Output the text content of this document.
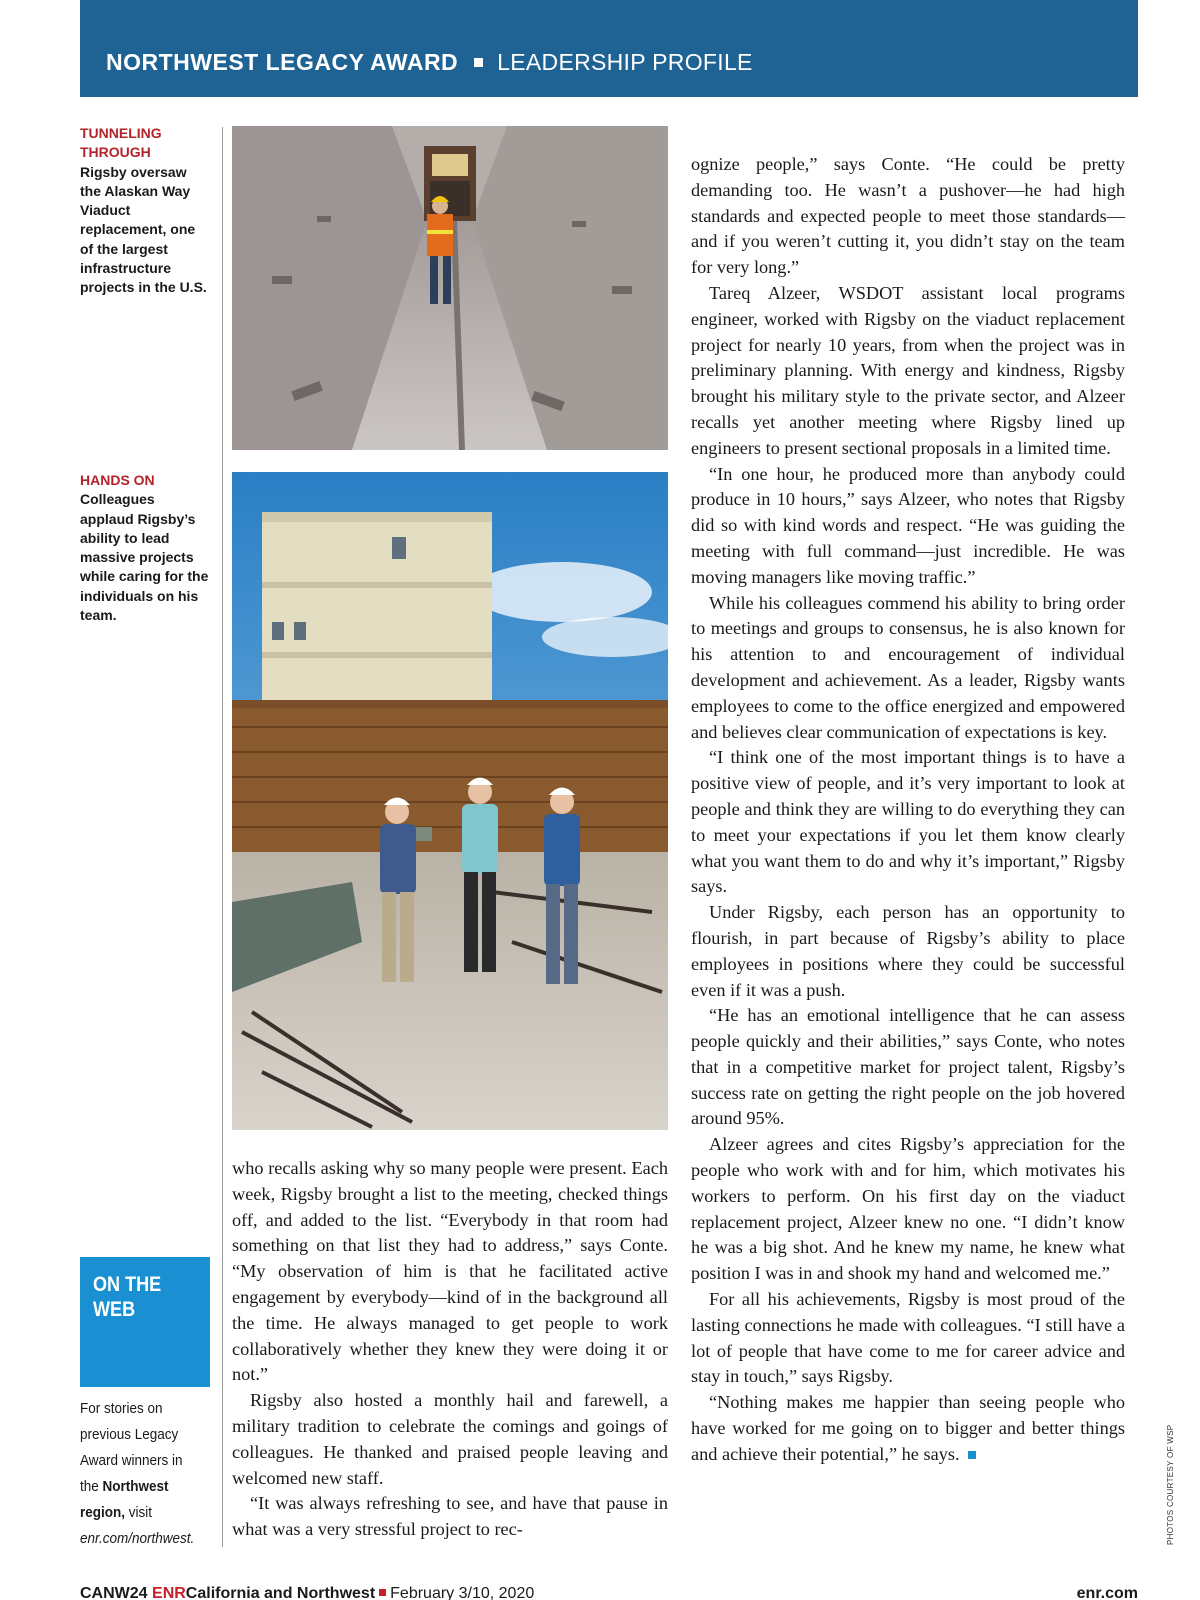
NORTHWEST LEGACY AWARD LEADERSHIP PROFILE
TUNNELING THROUGH
Rigsby oversaw the Alaskan Way Viaduct replacement, one of the largest infrastructure projects in the U.S.
HANDS ON
Colleagues applaud Rigsby’s ability to lead massive projects while caring for the individuals on his team.
ON THE
WEB
For stories on previous Legacy Award winners in the Northwest region, visit enr.com/northwest.

who recalls asking why so many people were present. Each week, Rigsby brought a list to the meeting, checked things off, and added to the list. “Everybody in that room had something on that list they had to address,” says Conte. “My observation of him is that he facilitated active engagement by everybody—kind of in the background all the time. He always managed to get people to work collaboratively whether they knew they were doing it or not.”

Rigsby also hosted a monthly hail and farewell, a military tradition to celebrate the comings and goings of colleagues. He thanked and praised people leaving and welcomed new staff.

“It was always refreshing to see, and have that pause in what was a very stressful project to rec-

ognize people,” says Conte. “He could be pretty demanding too. He wasn’t a pushover—he had high standards and expected people to meet those standards—and if you weren’t cutting it, you didn’t stay on the team for very long.”

Tareq Alzeer, WSDOT assistant local programs engineer, worked with Rigsby on the viaduct replacement project for nearly 10 years, from when the project was in preliminary planning. With energy and kindness, Rigsby brought his military style to the private sector, and Alzeer recalls yet another meeting where Rigsby lined up engineers to present sectional proposals in a limited time.

“In one hour, he produced more than anybody could produce in 10 hours,” says Alzeer, who notes that Rigsby did so with kind words and respect. “He was guiding the meeting with full command—just incredible. He was moving managers like moving traffic.”

While his colleagues commend his ability to bring order to meetings and groups to consensus, he is also known for his attention to and encouragement of individual development and achievement. As a leader, Rigsby wants employees to come to the office energized and empowered and believes clear communication of expectations is key.

“I think one of the most important things is to have a positive view of people, and it’s very important to look at people and think they are willing to do everything they can to meet your expectations if you let them know clearly what you want them to do and why it’s important,” Rigsby says.

Under Rigsby, each person has an opportunity to flourish, in part because of Rigsby’s ability to place employees in positions where they could be successful even if it was a push.

“He has an emotional intelligence that he can assess people quickly and their abilities,” says Conte, who notes that in a competitive market for project talent, Rigsby’s success rate on getting the right people on the job hovered around 95%.

Alzeer agrees and cites Rigsby’s appreciation for the people who work with and for him, which motivates his workers to perform. On his first day on the viaduct replacement project, Alzeer knew no one. “I didn’t know he was a big shot. And he knew my name, he knew what position I was in and shook my hand and welcomed me.”

For all his achievements, Rigsby is most proud of the lasting connections he made with colleagues. “I still have a lot of people that have come to me for career advice and stay in touch,” says Rigsby.

“Nothing makes me happier than seeing people who have worked for me going on to bigger and better things and achieve their potential,” he says.	PHOTOS COURTESY OF WSP
CANW24 ENRCalifornia and Northwest February 3/10, 2020	enr.com
